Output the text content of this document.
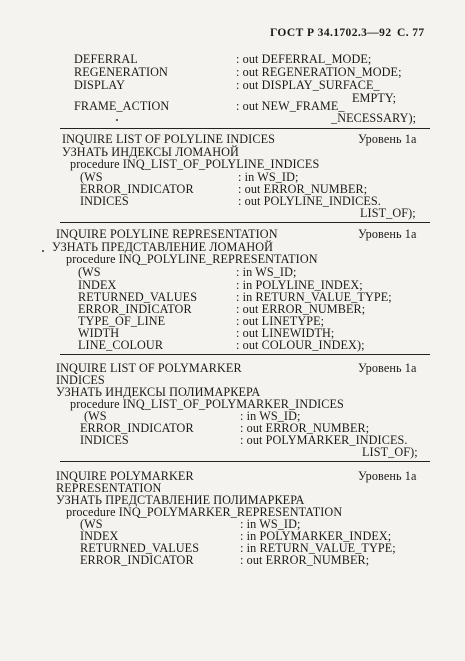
ГОСТ Р 34.1702.3—92 С. 77
DEFERRAL	: out DEFERRAL_MODE;
REGENERATION	: out REGENERATION_MODE;
DISPLAY	: out DISPLAY_SURFACE_
EMPTY;
FRAME_ACTION	: out NEW_FRAME_
_NECESSARY);
INQUIRE LIST OF POLYLINE INDICES	Уровень 1а
УЗНАТЬ ИНДЕКСЫ ЛОМАНОЙ
procedure INQ_LIST_OF_POLYLINE_INDICES
(WS	: in WS_ID;
ERROR_INDICATOR	: out ERROR_NUMBER;
INDICES	: out POLYLINE_INDICES.
LIST_OF);
INQUIRE POLYLINE REPRESENTATION	Уровень 1а
УЗНАТЬ ПРЕДСТАВЛЕНИЕ ЛОМАНОЙ
procedure INQ_POLYLINE_REPRESENTATION
(WS	: in WS_ID;
INDEX	: in POLYLINE_INDEX;
RETURNED_VALUES	: in RETURN_VALUE_TYPE;
ERROR_INDICATOR	: out ERROR_NUMBER;
TYPE_OF_LINE	: out LINETYPE;
WIDTH	: out LINEWIDTH;
LINE_COLOUR	: out COLOUR_INDEX);
INQUIRE LIST OF POLYMARKER	Уровень 1а
INDICES
УЗНАТЬ ИНДЕКСЫ ПОЛИМАРКЕРА
procedure INQ_LIST_OF_POLYMARKER_INDICES
(WS	: in WS_ID;
ERROR_INDICATOR	: out ERROR_NUMBER;
INDICES	: out POLYMARKER_INDICES.
LIST_OF);
INQUIRE POLYMARKER	Уровень 1а
REPRESENTATION
УЗНАТЬ ПРЕДСТАВЛЕНИЕ ПОЛИМАРКЕРА
procedure INQ_POLYMARKER_REPRESENTATION
(WS	: in WS_ID;
INDEX	: in POLYMARKER_INDEX;
RETURNED_VALUES	: in RETURN_VALUE_TYPE;
ERROR_INDICATOR	: out ERROR_NUMBER;
